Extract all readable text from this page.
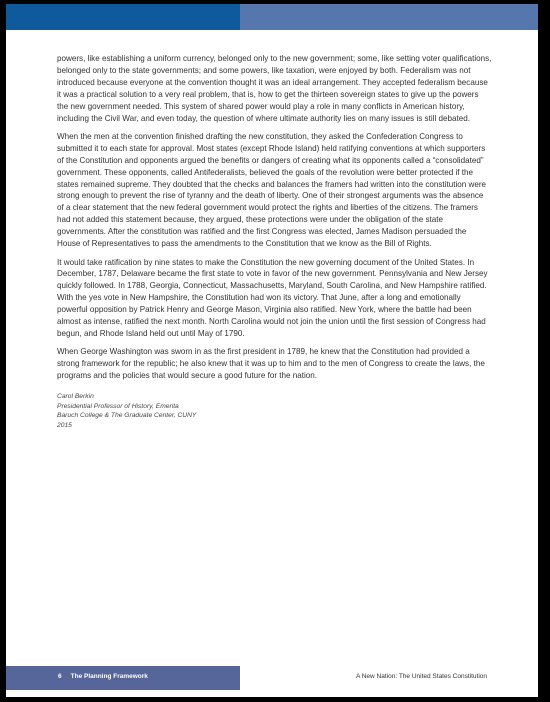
powers, like establishing a uniform currency, belonged only to the new government; some, like setting voter qualifications, belonged only to the state governments; and some powers, like taxation, were enjoyed by both. Federalism was not introduced because everyone at the convention thought it was an ideal arrangement. They accepted federalism because it was a practical solution to a very real problem, that is, how to get the thirteen sovereign states to give up the powers the new government needed. This system of shared power would play a role in many conflicts in American history, including the Civil War, and even today, the question of where ultimate authority lies on many issues is still debated.

When the men at the convention finished drafting the new constitution, they asked the Confederation Congress to submitted it to each state for approval. Most states (except Rhode Island) held ratifying conventions at which supporters of the Constitution and opponents argued the benefits or dangers of creating what its opponents called a “consolidated” government. These opponents, called Antifederalists, believed the goals of the revolution were better protected if the states remained supreme. They doubted that the checks and balances the framers had written into the constitution were strong enough to prevent the rise of tyranny and the death of liberty. One of their strongest arguments was the absence of a clear statement that the new federal government would protect the rights and liberties of the citizens. The framers had not added this statement because, they argued, these protections were under the obligation of the state governments. After the constitution was ratified and the first Congress was elected, James Madison persuaded the House of Representatives to pass the amendments to the Constitution that we know as the Bill of Rights.

It would take ratification by nine states to make the Constitution the new governing document of the United States. In December, 1787, Delaware became the first state to vote in favor of the new government. Pennsylvania and New Jersey quickly followed. In 1788, Georgia, Connecticut, Massachusetts, Maryland, South Carolina, and New Hampshire ratified. With the yes vote in New Hampshire, the Constitution had won its victory. That June, after a long and emotionally powerful opposition by Patrick Henry and George Mason, Virginia also ratified. New York, where the battle had been almost as intense, ratified the next month. North Carolina would not join the union until the first session of Congress had begun, and Rhode Island held out until May of 1790.

When George Washington was sworn in as the first president in 1789, he knew that the Constitution had provided a strong framework for the republic; he also knew that it was up to him and to the men of Congress to create the laws, the programs and the policies that would secure a good future for the nation.

Carol Berkin
Presidential Professor of History, Emerita
Baruch College & The Graduate Center, CUNY
2015
6 The Planning Framework	A New Nation: The United States Constitution
